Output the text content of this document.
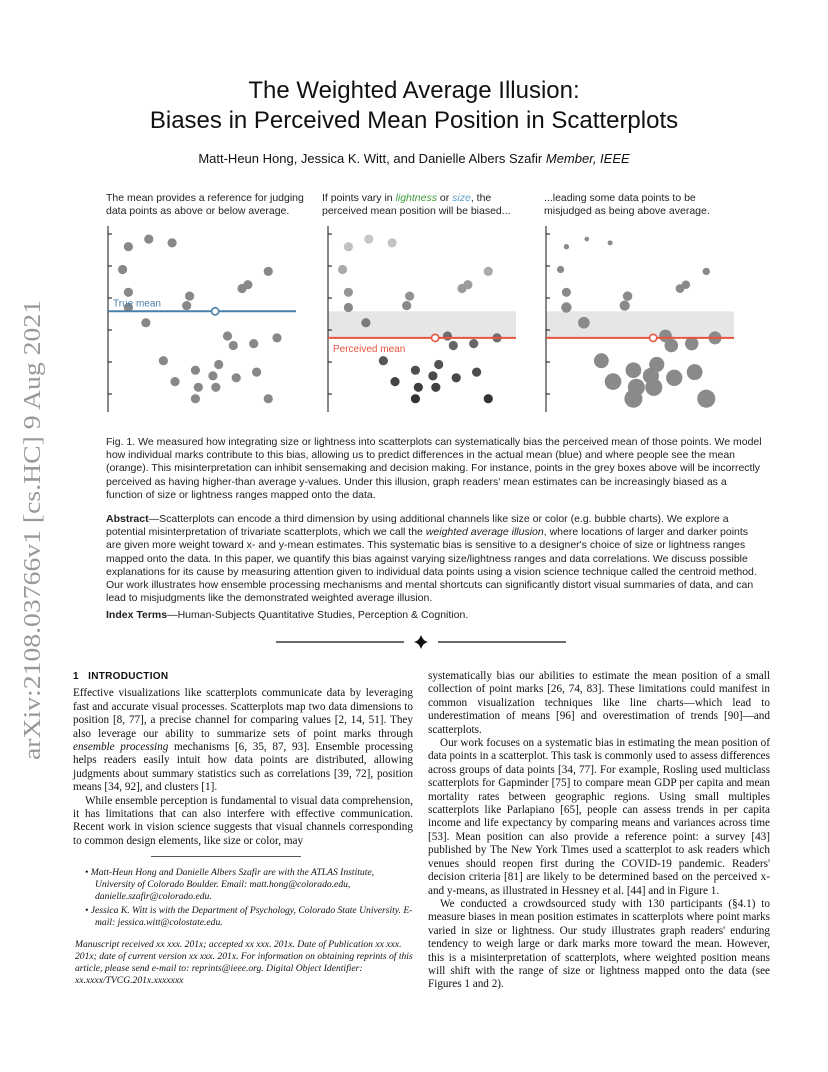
arXiv:2108.03766v1 [cs.HC] 9 Aug 2021
The Weighted Average Illusion:
Biases in Perceived Mean Position in Scatterplots
Matt-Heun Hong, Jessica K. Witt, and Danielle Albers Szafir Member, IEEE
The mean provides a reference for judging
data points as above or below average.
If points vary in lightness or size, the
perceived mean position will be biased...
...leading some data points to be
misjudged as being above average.
True mean
Perceived mean
Fig. 1. We measured how integrating size or lightness into scatterplots can systematically bias the perceived mean of those points. We model how individual marks contribute to this bias, allowing us to predict differences in the actual mean (blue) and where people see the mean (orange). This misinterpretation can inhibit sensemaking and decision making. For instance, points in the grey boxes above will be incorrectly perceived as having higher-than average y-values. Under this illusion, graph readers' mean estimates can be increasingly biased as a function of size or lightness ranges mapped onto the data.
Abstract—Scatterplots can encode a third dimension by using additional channels like size or color (e.g. bubble charts). We explore a potential misinterpretation of trivariate scatterplots, which we call the weighted average illusion, where locations of larger and darker points are given more weight toward x- and y-mean estimates. This systematic bias is sensitive to a designer's choice of size or lightness ranges mapped onto the data. In this paper, we quantify this bias against varying size/lightness ranges and data correlations. We discuss possible explanations for its cause by measuring attention given to individual data points using a vision science technique called the centroid method. Our work illustrates how ensemble processing mechanisms and mental shortcuts can significantly distort visual summaries of data, and can lead to misjudgments like the demonstrated weighted average illusion.
Index Terms—Human-Subjects Quantitative Studies, Perception & Cognition.
1 INTRODUCTION

Effective visualizations like scatterplots communicate data by leveraging fast and accurate visual processes. Scatterplots map two data dimensions to position [8, 77], a precise channel for comparing values [2, 14, 51]. They also leverage our ability to summarize sets of point marks through ensemble processing mechanisms [6, 35, 87, 93]. Ensemble processing helps readers easily intuit how data points are distributed, allowing judgments about summary statistics such as correlations [39, 72], position means [34, 92], and clusters [1].

While ensemble perception is fundamental to visual data comprehension, it has limitations that can also interfere with effective communication. Recent work in vision science suggests that visual channels corresponding to common design elements, like size or color, may

• Matt-Heun Hong and Danielle Albers Szafir are with the ATLAS Institute, University of Colorado Boulder. Email: matt.hong@colorado.edu, danielle.szafir@colorado.edu.

• Jessica K. Witt is with the Department of Psychology, Colorado State University. E-mail: jessica.witt@colostate.edu.

Manuscript received xx xxx. 201x; accepted xx xxx. 201x. Date of Publication xx xxx. 201x; date of current version xx xxx. 201x. For information on obtaining reprints of this article, please send e-mail to: reprints@ieee.org. Digital Object Identifier: xx.xxxx/TVCG.201x.xxxxxxx

systematically bias our abilities to estimate the mean position of a small collection of point marks [26, 74, 83]. These limitations could manifest in common visualization techniques like line charts—which lead to underestimation of means [96] and overestimation of trends [90]—and scatterplots.

Our work focuses on a systematic bias in estimating the mean position of data points in a scatterplot. This task is commonly used to assess differences across groups of data points [34, 77]. For example, Rosling used multiclass scatterplots for Gapminder [75] to compare mean GDP per capita and mean mortality rates between geographic regions. Using small multiples scatterplots like Parlapiano [65], people can assess trends in per capita income and life expectancy by comparing means and variances across time [53]. Mean position can also provide a reference point: a survey [43] published by The New York Times used a scatterplot to ask readers which venues should reopen first during the COVID-19 pandemic. Readers' decision criteria [81] are likely to be determined based on the perceived x- and y-means, as illustrated in Hessney et al. [44] and in Figure 1.

We conducted a crowdsourced study with 130 participants (§4.1) to measure biases in mean position estimates in scatterplots where point marks varied in size or lightness. Our study illustrates graph readers' enduring tendency to weigh large or dark marks more toward the mean. However, this is a misinterpretation of scatterplots, where weighted position means will shift with the range of size or lightness mapped onto the data (see Figures 1 and 2).
